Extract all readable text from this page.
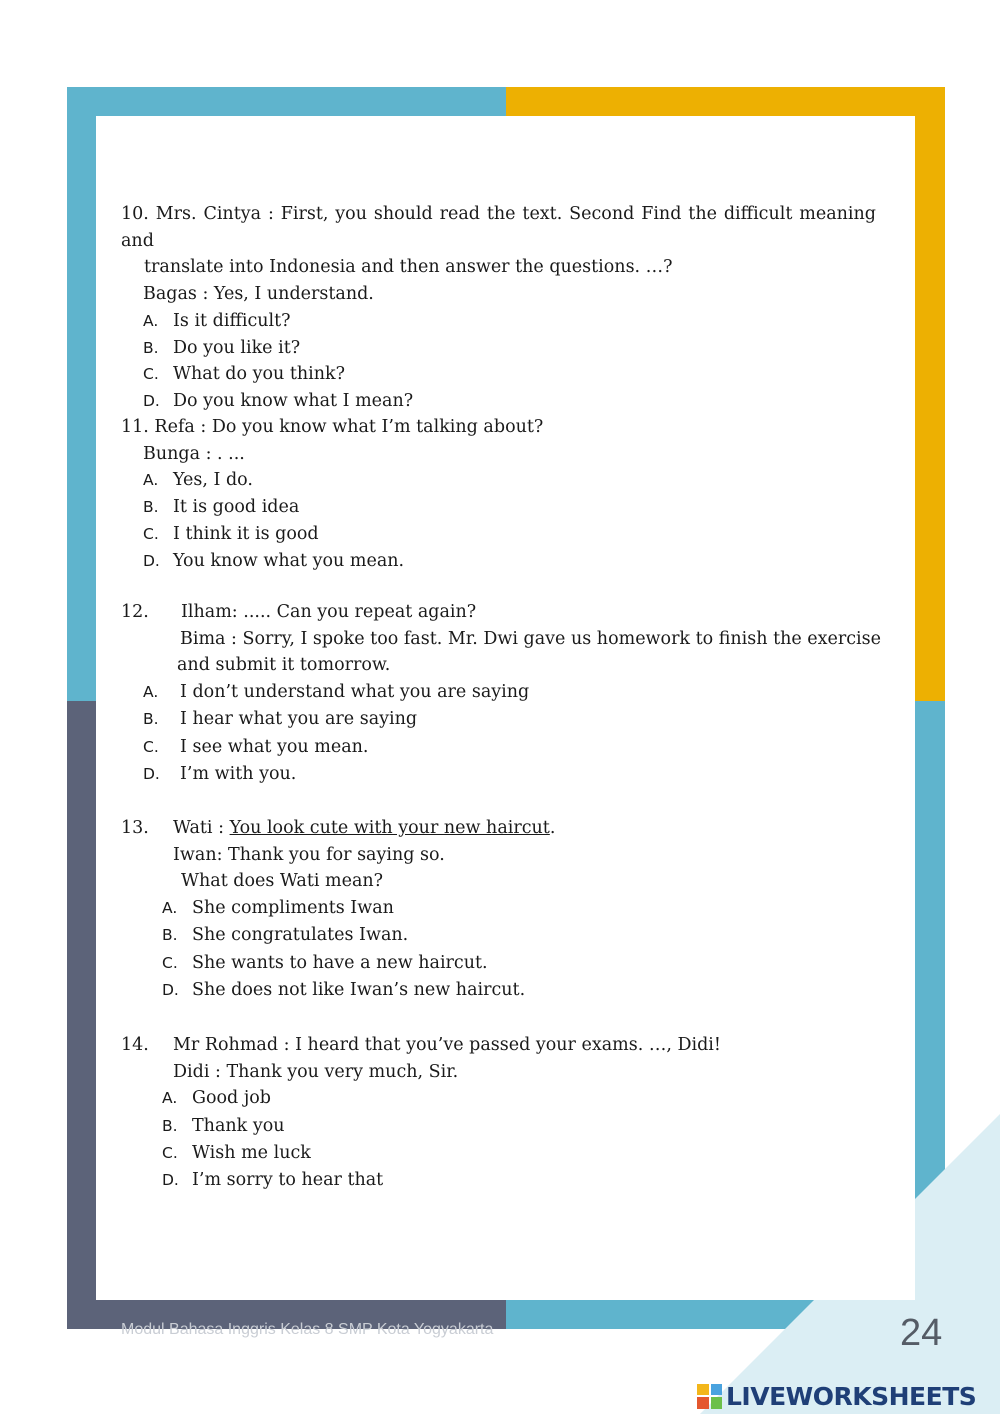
10. Mrs. Cintya : First, you should read the text. Second Find the difficult meaning and
translate into Indonesia and then answer the questions. …?
Bagas : Yes, I understand.
A. Is it difficult?
B. Do you like it?
C. What do you think?
D. Do you know what I mean?
11. Refa : Do you know what I’m talking about?
Bunga : . ...
A. Yes, I do.
B. It is good idea
C. I think it is good
D. You know what you mean.
12. Ilham: ..... Can you repeat again?
Bima : Sorry, I spoke too fast. Mr. Dwi gave us homework to finish the exercise
and submit it tomorrow.
A. I don’t understand what you are saying
B. I hear what you are saying
C. I see what you mean.
D. I’m with you.
13. Wati : You look cute with your new haircut.
Iwan: Thank you for saying so.
What does Wati mean?
A. She compliments Iwan
B. She congratulates Iwan.
C. She wants to have a new haircut.
D. She does not like Iwan’s new haircut.
14. Mr Rohmad : I heard that you’ve passed your exams. …, Didi!
Didi : Thank you very much, Sir.
A. Good job
B. Thank you
C. Wish me luck
D. I’m sorry to hear that
Modul Bahasa Inggris Kelas 8 SMP Kota Yogyakarta	24
LIVEWORKSHEETS
